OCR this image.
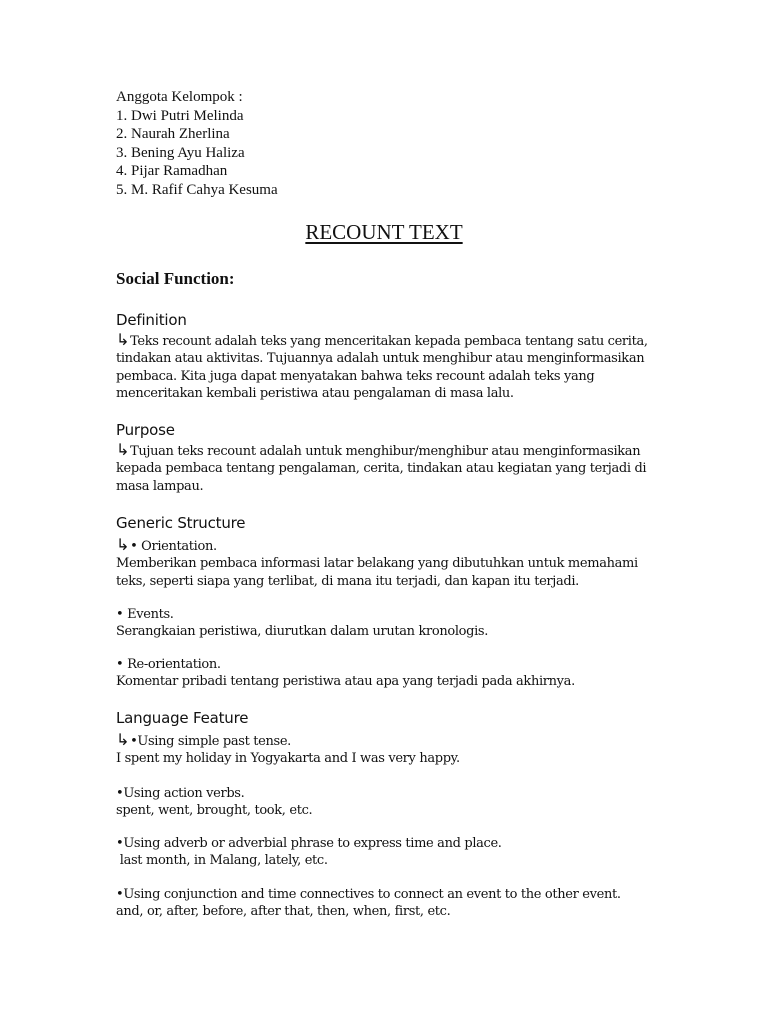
Anggota Kelompok :
1. Dwi Putri Melinda
2. Naurah Zherlina
3. Bening Ayu Haliza
4. Pijar Ramadhan
5. M. Rafif Cahya Kesuma
RECOUNT TEXT
Social Function:
Definition
↳Teks recount adalah teks yang menceritakan kepada pembaca tentang satu cerita,
tindakan atau aktivitas. Tujuannya adalah untuk menghibur atau menginformasikan
pembaca. Kita juga dapat menyatakan bahwa teks recount adalah teks yang
menceritakan kembali peristiwa atau pengalaman di masa lalu.
Purpose
↳Tujuan teks recount adalah untuk menghibur/menghibur atau menginformasikan
kepada pembaca tentang pengalaman, cerita, tindakan atau kegiatan yang terjadi di
masa lampau.
Generic Structure
↳• Orientation.
Memberikan pembaca informasi latar belakang yang dibutuhkan untuk memahami
teks, seperti siapa yang terlibat, di mana itu terjadi, dan kapan itu terjadi.
• Events.
Serangkaian peristiwa, diurutkan dalam urutan kronologis.
• Re-orientation.
Komentar pribadi tentang peristiwa atau apa yang terjadi pada akhirnya.
Language Feature
↳•Using simple past tense.
I spent my holiday in Yogyakarta and I was very happy.
•Using action verbs.
spent, went, brought, took, etc.
•Using adverb or adverbial phrase to express time and place.
last month, in Malang, lately, etc.
•Using conjunction and time connectives to connect an event to the other event.
and, or, after, before, after that, then, when, first, etc.
